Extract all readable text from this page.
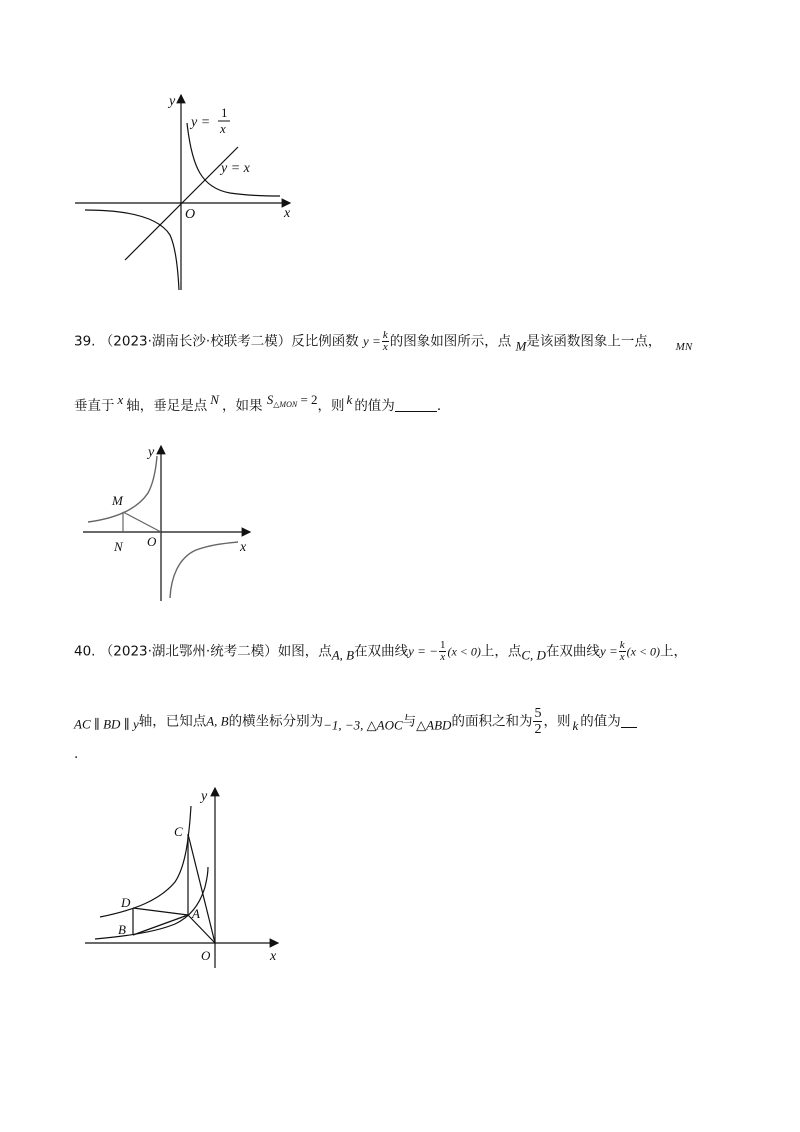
y
x
O
y =
1
x
y = x
39. （2023·湖南长沙·校联考二模）反比例函数 $y = \frac{k}{x}$ 的图象如图所示，点 M是该函数图象上一点， $_{MN}$
垂直于 x 轴，垂足是点 N ，如果 $S_{\triangle MON} = 2$，则 k 的值为	.
y
x
O
M
N
40. （2023·湖北鄂州·统考二模）如图，点A, B在双曲线y = − $\frac{1}{x} (x < 0)$上，点C, D在双曲线$y = \frac{k}{x} (x < 0)$上，
AC ∥ BD ∥ y轴，已知点A, B的横坐标分别为−1, −3, △AOC与△ABD的面积之和为 $\frac{5}{2}$ ，则 k 的值为
.
y
x
O
C
D
A
B
